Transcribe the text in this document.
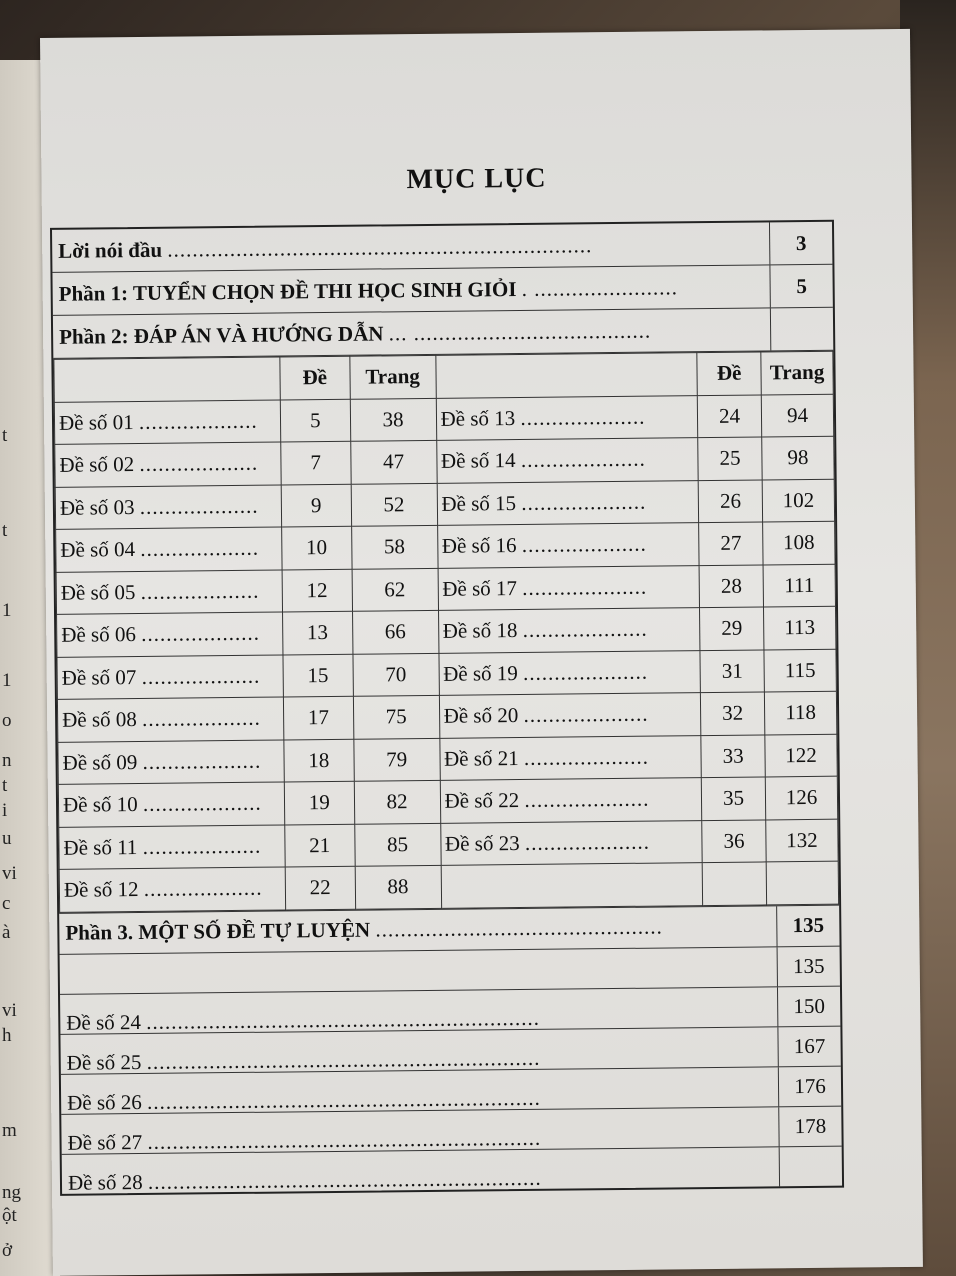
t
t
1
1
o
n
t
i
u
vi
c
à
vi
h
m
ng
ột
ở
MỤC LỤC
Lời nói đầu ....................................................................	3
Phần 1: TUYỂN CHỌN ĐỀ THI HỌC SINH GIỎI . .......................	5
Phần 2: ĐÁP ÁN VÀ HƯỚNG DẪN ... ......................................
	Đề	Trang		Đề	Trang
Đề số 01 ...................	5	38	Đề số 13 ....................	24	94
Đề số 02 ...................	7	47	Đề số 14 ....................	25	98
Đề số 03 ...................	9	52	Đề số 15 ....................	26	102
Đề số 04 ...................	10	58	Đề số 16 ....................	27	108
Đề số 05 ...................	12	62	Đề số 17 ....................	28	111
Đề số 06 ...................	13	66	Đề số 18 ....................	29	113
Đề số 07 ...................	15	70	Đề số 19 ....................	31	115
Đề số 08 ...................	17	75	Đề số 20 ....................	32	118
Đề số 09 ...................	18	79	Đề số 21 ....................	33	122
Đề số 10 ...................	19	82	Đề số 22 ....................	35	126
Đề số 11 ...................	21	85	Đề số 23 ....................	36	132
Đề số 12 ...................	22	88			
Phần 3. MỘT SỐ ĐỀ TỰ LUYỆN ..............................................	135
135
Đề số 24 ...............................................................	150
Đề số 25 ...............................................................	167
Đề số 26 ...............................................................	176
Đề số 27 ...............................................................	178
Đề số 28 ...............................................................
